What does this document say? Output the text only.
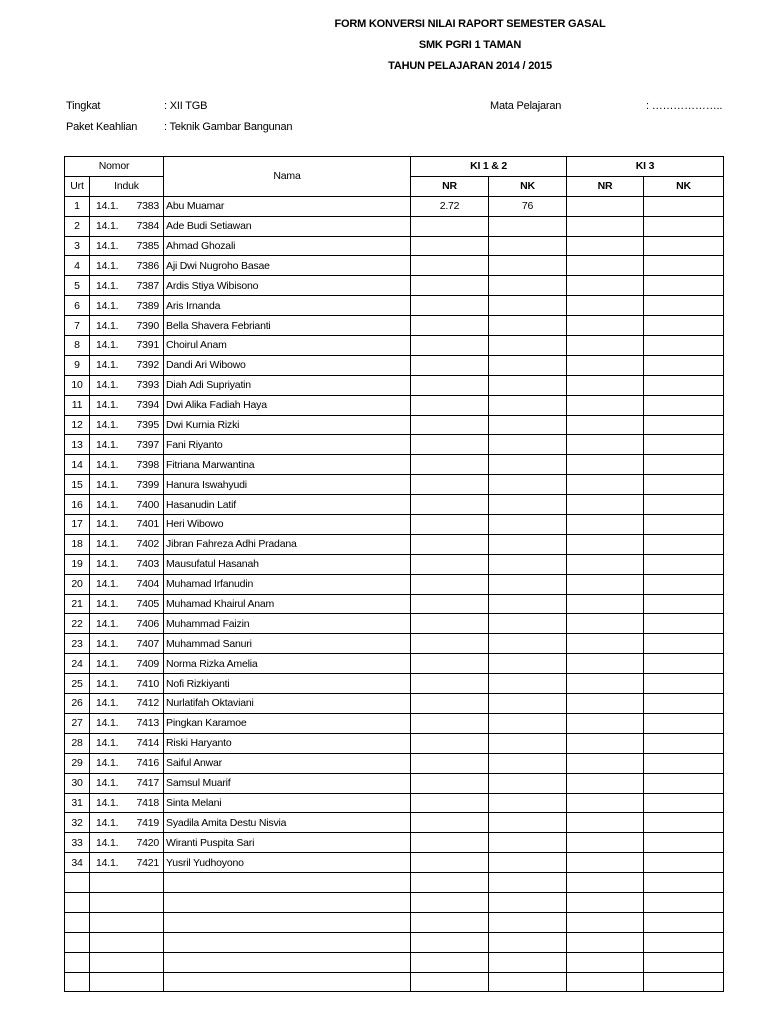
FORM KONVERSI NILAI RAPORT SEMESTER GASAL
SMK PGRI 1 TAMAN
TAHUN PELAJARAN 2014 / 2015
Tingkat	: XII TGB
Paket Keahlian : Teknik Gambar Bangunan
Mata Pelajaran	: ………………..
Nomor		Nama	KI 1 & 2		KI 3	
Urt	Induk		NR	NK	NR	NK
1	14.1. 7383	Abu Muamar	2.72	76		
2	14.1. 7384	Ade Budi Setiawan				
3	14.1. 7385	Ahmad Ghozali				
4	14.1. 7386	Aji Dwi Nugroho Basae				
5	14.1. 7387	Ardis Stiya Wibisono				
6	14.1. 7389	Aris Irnanda				
7	14.1. 7390	Bella Shavera Febrianti				
8	14.1. 7391	Choirul Anam				
9	14.1. 7392	Dandi Ari Wibowo				
10	14.1. 7393	Diah Adi Supriyatin				
11	14.1. 7394	Dwi Alika Fadiah Haya				
12	14.1. 7395	Dwi Kurnia Rizki				
13	14.1. 7397	Fani Riyanto				
14	14.1. 7398	Fitriana Marwantina				
15	14.1. 7399	Hanura Iswahyudi				
16	14.1. 7400	Hasanudin Latif				
17	14.1. 7401	Heri Wibowo				
18	14.1. 7402	Jibran Fahreza Adhi Pradana				
19	14.1. 7403	Mausufatul Hasanah				
20	14.1. 7404	Muhamad Irfanudin				
21	14.1. 7405	Muhamad Khairul Anam				
22	14.1. 7406	Muhammad Faizin				
23	14.1. 7407	Muhammad Sanuri				
24	14.1. 7409	Norma Rizka Amelia				
25	14.1. 7410	Nofi Rizkiyanti				
26	14.1. 7412	Nurlatifah Oktaviani				
27	14.1. 7413	Pingkan Karamoe				
28	14.1. 7414	Riski Haryanto				
29	14.1. 7416	Saiful Anwar				
30	14.1. 7417	Samsul Muarif				
31	14.1. 7418	Sinta Melani				
32	14.1. 7419	Syadila Amita Destu Nisvia				
33	14.1. 7420	Wiranti Puspita Sari				
34	14.1. 7421	Yusril Yudhoyono				
